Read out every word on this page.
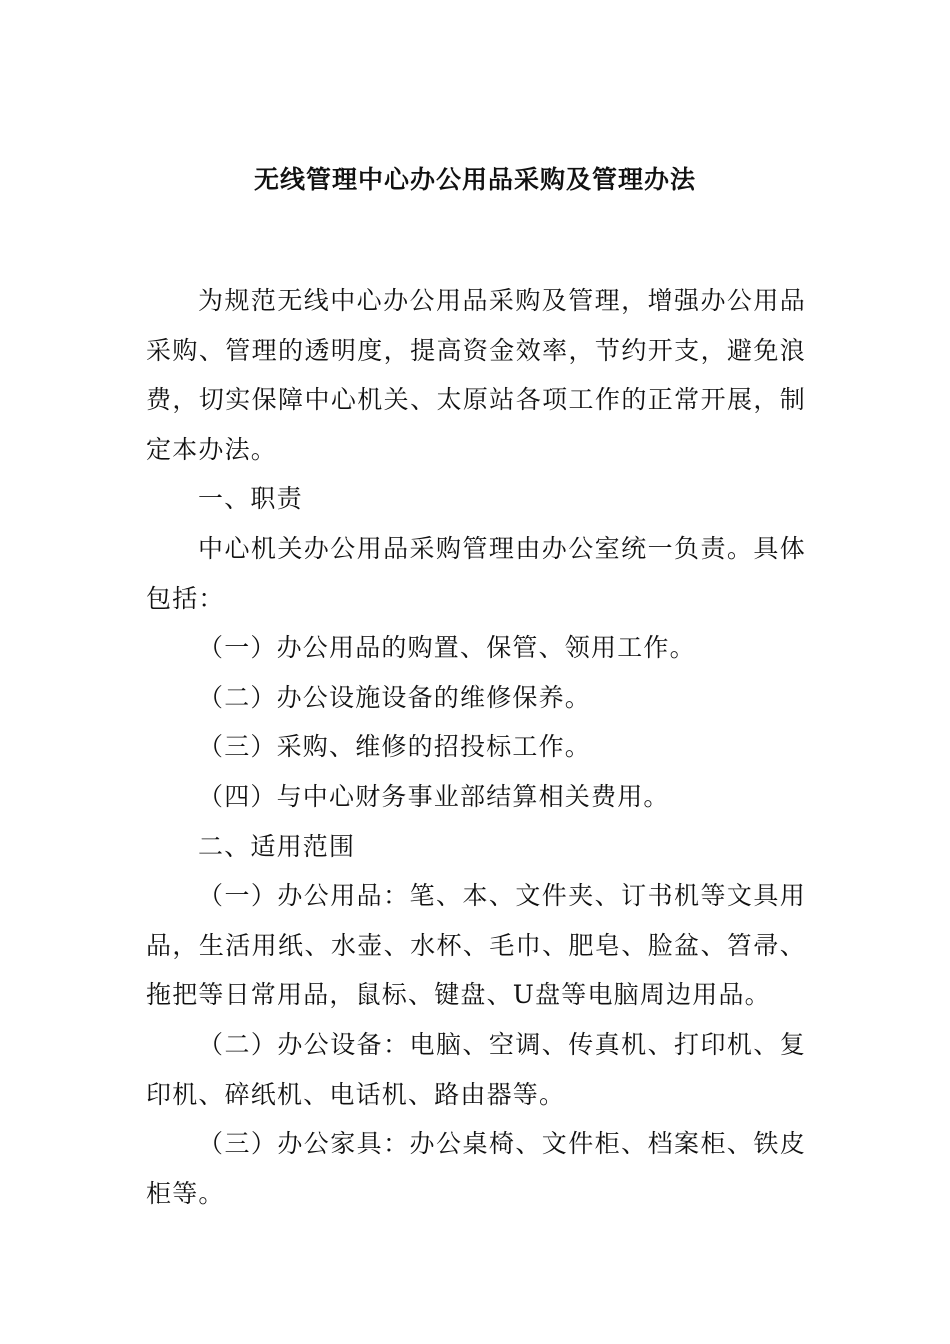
无线管理中心办公用品采购及管理办法

为规范无线中心办公用品采购及管理，增强办公用品采购、管理的透明度，提高资金效率，节约开支，避免浪费，切实保障中心机关、太原站各项工作的正常开展，制定本办法。

一、职责

中心机关办公用品采购管理由办公室统一负责。具体包括：

（一）办公用品的购置、保管、领用工作。

（二）办公设施设备的维修保养。

（三）采购、维修的招投标工作。

（四）与中心财务事业部结算相关费用。

二、适用范围

（一）办公用品：笔、本、文件夹、订书机等文具用品，生活用纸、水壶、水杯、毛巾、肥皂、脸盆、笤帚、拖把等日常用品，鼠标、键盘、U盘等电脑周边用品。

（二）办公设备：电脑、空调、传真机、打印机、复印机、碎纸机、电话机、路由器等。

（三）办公家具：办公桌椅、文件柜、档案柜、铁皮柜等。
